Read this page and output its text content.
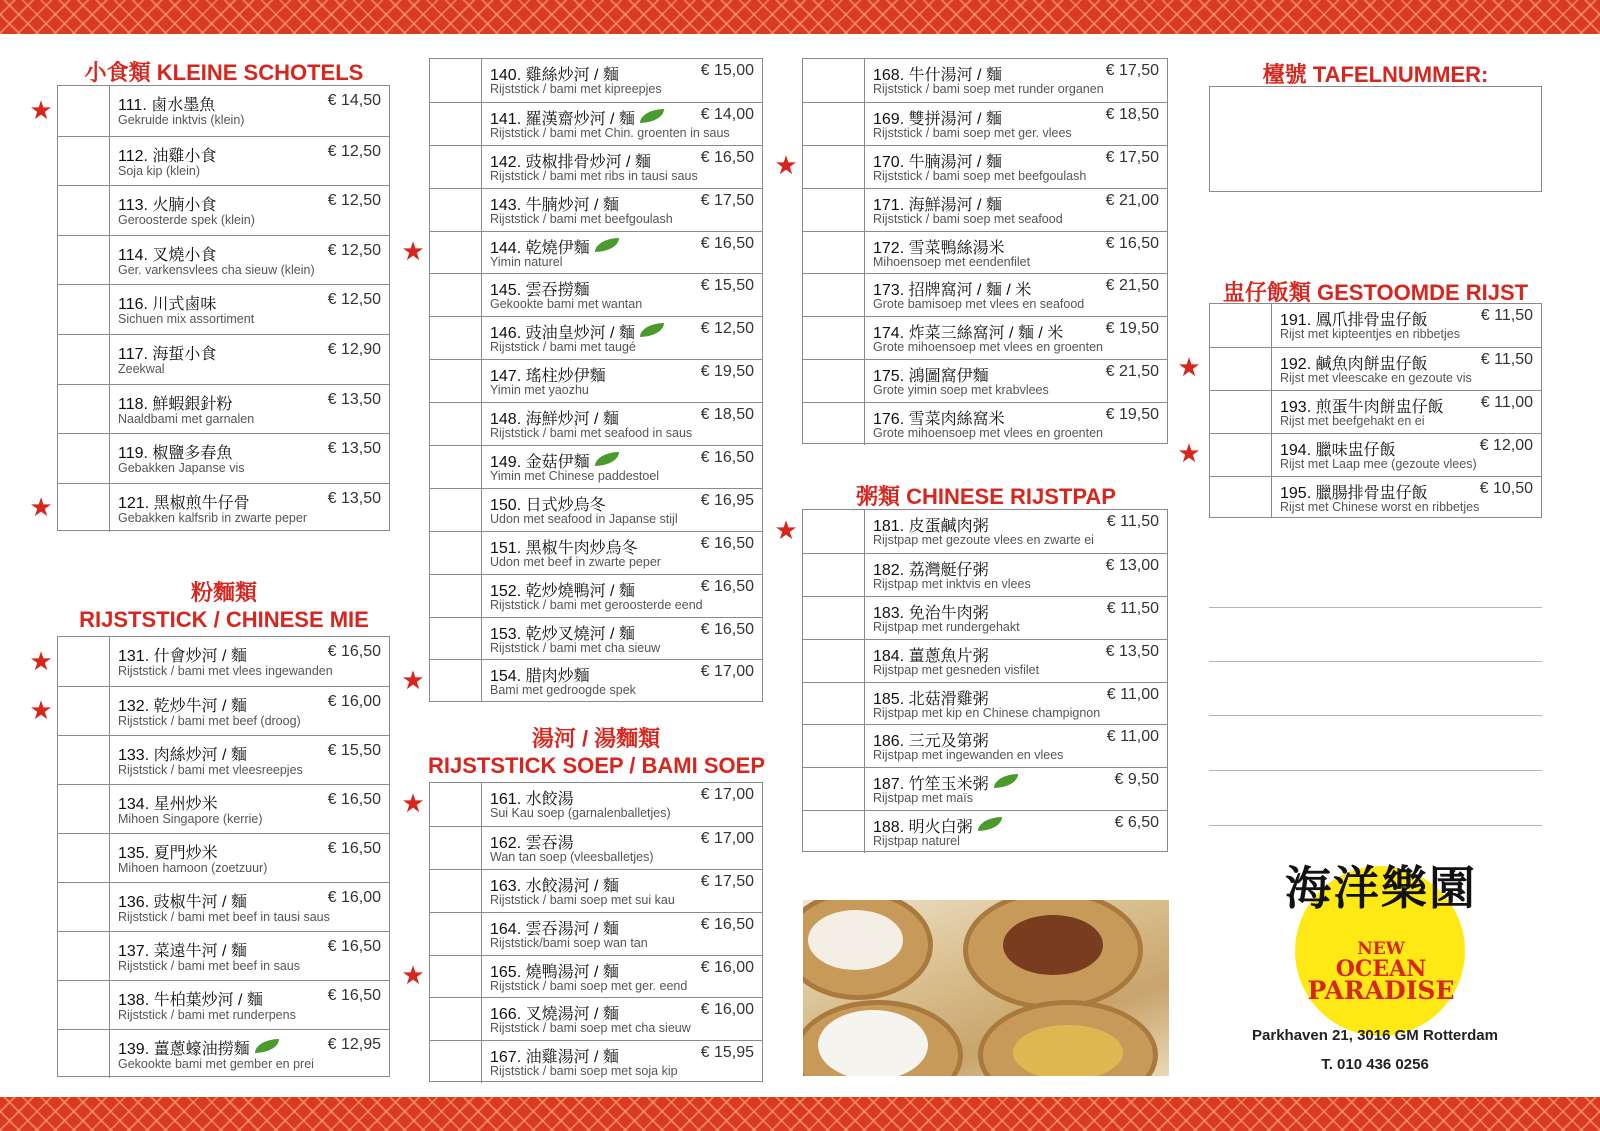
小食類 KLEINE SCHOTELS
粉麵類
RIJSTSTICK / CHINESE MIE
湯河 / 湯麵類
RIJSTSTICK SOEP / BAMI SOEP
粥類 CHINESE RIJSTPAP
檯號 TAFELNUMMER:
盅仔飯類 GESTOOMDE RIJST
111. 鹵水墨魚	€ 14,50
Gekruide inktvis (klein)
112. 油雞小食	€ 12,50
Soja kip (klein)
113. 火腩小食	€ 12,50
Geroosterde spek (klein)
114. 叉燒小食	€ 12,50
Ger. varkensvlees cha sieuw (klein)
116. 川式鹵味	€ 12,50
Sichuen mix assortiment
117. 海蜇小食	€ 12,90
Zeekwal
118. 鮮蝦銀針粉	€ 13,50
Naaldbami met garnalen
119. 椒鹽多春魚	€ 13,50
Gebakken Japanse vis
121. 黑椒煎牛仔骨	€ 13,50
Gebakken kalfsrib in zwarte peper
131. 什會炒河 / 麵	€ 16,50
Rijststick / bami met vlees ingewanden
132. 乾炒牛河 / 麵	€ 16,00
Rijststick / bami met beef (droog)
133. 肉絲炒河 / 麵	€ 15,50
Rijststick / bami met vleesreepjes
134. 星州炒米	€ 16,50
Mihoen Singapore (kerrie)
135. 夏門炒米	€ 16,50
Mihoen hamoon (zoetzuur)
136. 豉椒牛河 / 麵	€ 16,00
Rijststick / bami met beef in tausi saus
137. 菜遠牛河 / 麵	€ 16,50
Rijststick / bami met beef in saus
138. 牛柏葉炒河 / 麵	€ 16,50
Rijststick / bami met runderpens
139. 薑蔥蠔油撈麵	€ 12,95
Gekookte bami met gember en prei
140. 雞絲炒河 / 麵	€ 15,00
Rijststick / bami met kipreepjes
141. 羅漢齋炒河 / 麵	€ 14,00
Rijststick / bami met Chin. groenten in saus
142. 豉椒排骨炒河 / 麵	€ 16,50
Rijststick / bami met ribs in tausi saus
143. 牛腩炒河 / 麵	€ 17,50
Rijststick / bami met beefgoulash
144. 乾燒伊麵	€ 16,50
Yimin naturel
145. 雲吞撈麵	€ 15,50
Gekookte bami met wantan
146. 豉油皇炒河 / 麵	€ 12,50
Rijststick / bami met taugé
147. 瑤柱炒伊麵	€ 19,50
Yimin met yaozhu
148. 海鮮炒河 / 麵	€ 18,50
Rijststick / bami met seafood in saus
149. 金菇伊麵	€ 16,50
Yimin met Chinese paddestoel
150. 日式炒烏冬	€ 16,95
Udon met seafood in Japanse stijl
151. 黑椒牛肉炒烏冬	€ 16,50
Udon met beef in zwarte peper
152. 乾炒燒鴨河 / 麵	€ 16,50
Rijststick / bami met geroosterde eend
153. 乾炒叉燒河 / 麵	€ 16,50
Rijststick / bami met cha sieuw
154. 腊肉炒麵	€ 17,00
Bami met gedroogde spek
161. 水餃湯	€ 17,00
Sui Kau soep (garnalenballetjes)
162. 雲吞湯	€ 17,00
Wan tan soep (vleesballetjes)
163. 水餃湯河 / 麵	€ 17,50
Rijststick / bami soep met sui kau
164. 雲吞湯河 / 麵	€ 16,50
Rijststick/bami soep wan tan
165. 燒鴨湯河 / 麵	€ 16,00
Rijststick / bami soep met ger. eend
166. 叉燒湯河 / 麵	€ 16,00
Rijststick / bami soep met cha sieuw
167. 油雞湯河 / 麵	€ 15,95
Rijststick / bami soep met soja kip
168. 牛什湯河 / 麵	€ 17,50
Rijststick / bami soep met runder organen
169. 雙拼湯河 / 麵	€ 18,50
Rijststick / bami soep met ger. vlees
170. 牛腩湯河 / 麵	€ 17,50
Rijststick / bami soep met beefgoulash
171. 海鮮湯河 / 麵	€ 21,00
Rijststick / bami soep met seafood
172. 雪菜鴨絲湯米	€ 16,50
Mihoensoep met eendenfilet
173. 招牌窩河 / 麵 / 米	€ 21,50
Grote bamisoep met vlees en seafood
174. 炸菜三絲窩河 / 麵 / 米	€ 19,50
Grote mihoensoep met vlees en groenten
175. 鴻圖窩伊麵	€ 21,50
Grote yimin soep met krabvlees
176. 雪菜肉絲窩米	€ 19,50
Grote mihoensoep met vlees en groenten
181. 皮蛋鹹肉粥	€ 11,50
Rijstpap met gezoute vlees en zwarte ei
182. 荔灣艇仔粥	€ 13,00
Rijstpap met inktvis en vlees
183. 免治牛肉粥	€ 11,50
Rijstpap met rundergehakt
184. 薑蔥魚片粥	€ 13,50
Rijstpap met gesneden visfilet
185. 北菇滑雞粥	€ 11,00
Rijstpap met kip en Chinese champignon
186. 三元及第粥	€ 11,00
Rijstpap met ingewanden en vlees
187. 竹笙玉米粥	€ 9,50
Rijstpap met maïs
188. 明火白粥	€ 6,50
Rijstpap naturel
191. 鳳爪排骨盅仔飯	€ 11,50
Rijst met kipteentjes en ribbetjes
192. 鹹魚肉餅盅仔飯	€ 11,50
Rijst met vleescake en gezoute vis
193. 煎蛋牛肉餅盅仔飯 € 11,00
Rijst met beefgehakt en ei
194. 臘味盅仔飯	€ 12,00
Rijst met Laap mee (gezoute vlees)
195. 臘腸排骨盅仔飯	€ 10,50
Rijst met Chinese worst en ribbetjes
海洋樂園
NEW
OCEAN
PARADISE
Parkhaven 21, 3016 GM Rotterdam
T. 010 436 0256
★
★
★
★
★
★
★
★
★
★
★
★
